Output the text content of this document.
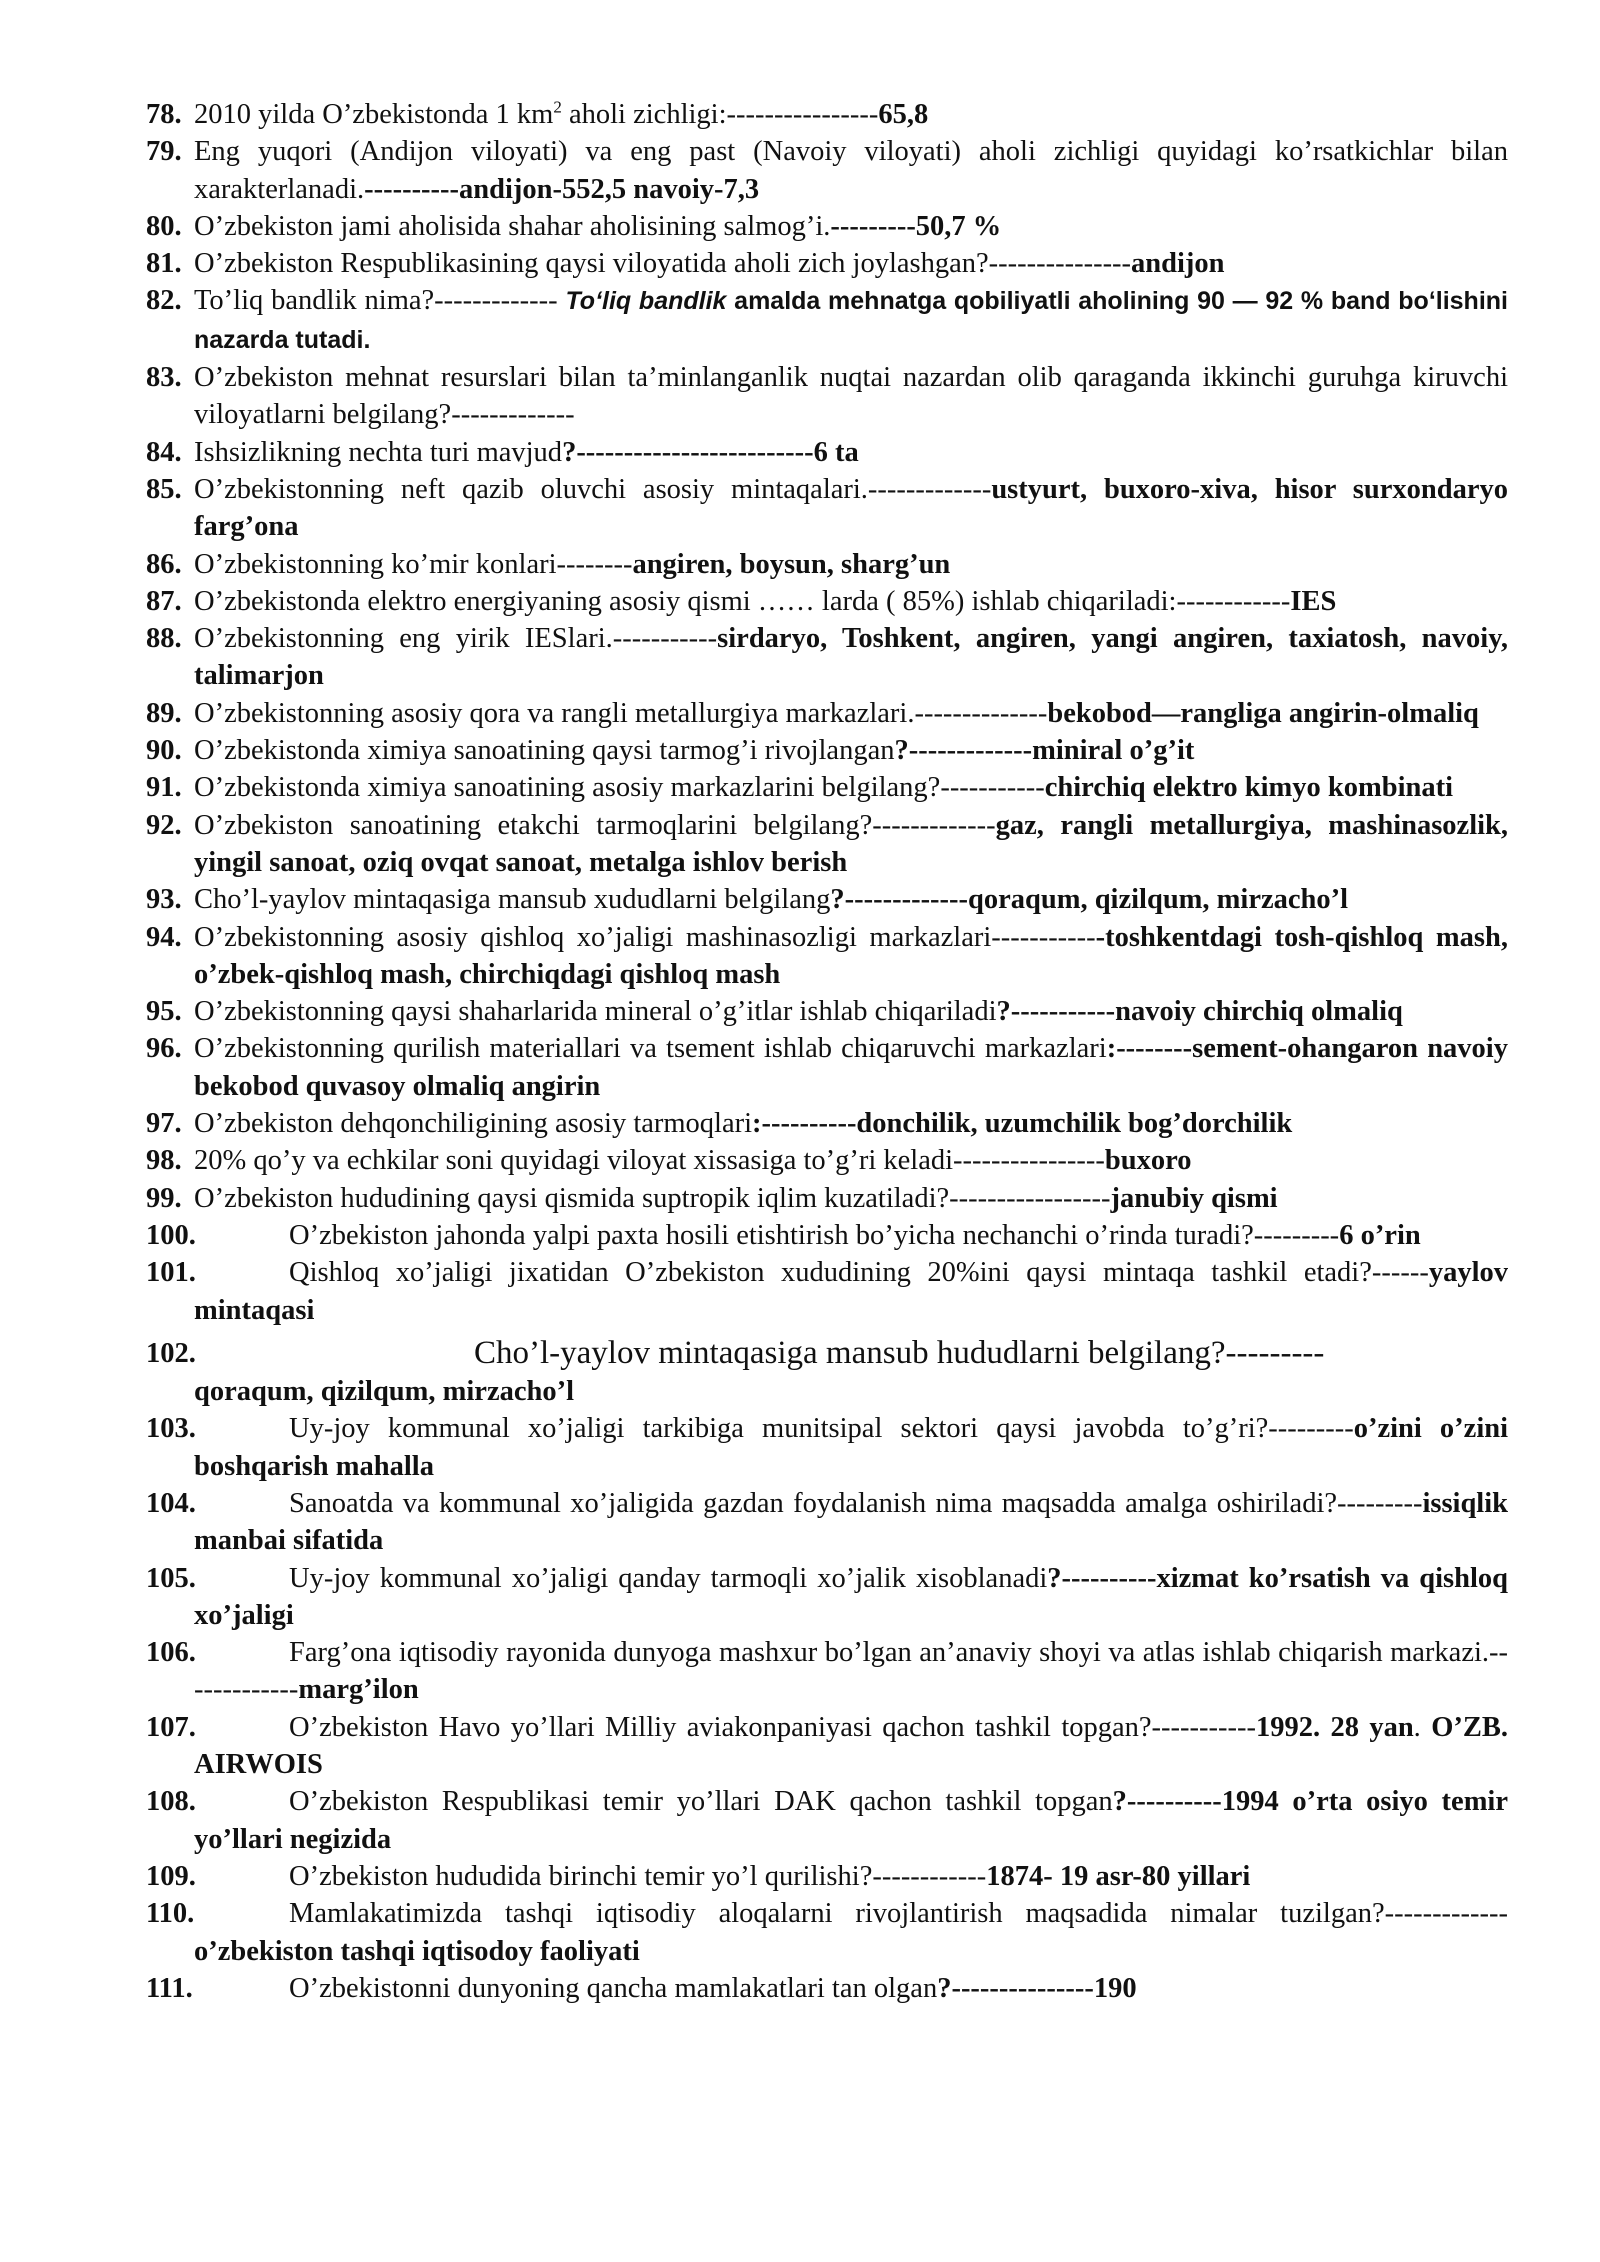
78. 2010 yilda O’zbekistonda 1 $km^2$ aholi zichligi:----------------65,8
79. Eng yuqori (Andijon viloyati) va eng past (Navoiy viloyati) aholi zichligi quyidagi ko’rsatkichlar bilan xarakterlanadi.----------andijon-552,5 navoiy-7,3
80. O’zbekiston jami aholisida shahar aholisining salmog’i.---------50,7 %
81. O’zbekiston Respublikasining qaysi viloyatida aholi zich joylashgan?---------------andijon
82. To’liq bandlik nima?------------- To‘liq bandlik amalda mehnatga qobiliyatli aholining 90 — 92 % band bo‘lishini nazarda tutadi.
83. O’zbekiston mehnat resurslari bilan ta’minlanganlik nuqtai nazardan olib qaraganda ikkinchi guruhga kiruvchi viloyatlarni belgilang?-------------
84. Ishsizlikning nechta turi mavjud?-------------------------6 ta
85. O’zbekistonning neft qazib oluvchi asosiy mintaqalari.-------------ustyurt, buxoro-xiva, hisor surxondaryo farg’ona
86. O’zbekistonning ko’mir konlari--------angiren, boysun, sharg’un
87. O’zbekistonda elektro energiyaning asosiy qismi …… larda ( 85%) ishlab chiqariladi:------------IES
88. O’zbekistonning eng yirik IESlari.-----------sirdaryo, Toshkent, angiren, yangi angiren, taxiatosh, navoiy, talimarjon
89. O’zbekistonning asosiy qora va rangli metallurgiya markazlari.--------------bekobod—rangliga angirin-olmaliq
90. O’zbekistonda ximiya sanoatining qaysi tarmog’i rivojlangan?-------------miniral o’g’it
91. O’zbekistonda ximiya sanoatining asosiy markazlarini belgilang?-----------chirchiq elektro kimyo kombinati
92. O’zbekiston sanoatining etakchi tarmoqlarini belgilang?-------------gaz, rangli metallurgiya, mashinasozlik, yingil sanoat, oziq ovqat sanoat, metalga ishlov berish
93. Cho’l-yaylov mintaqasiga mansub xududlarni belgilang?-------------qoraqum, qizilqum, mirzacho’l
94. O’zbekistonning asosiy qishloq xo’jaligi mashinasozligi markazlari------------toshkentdagi tosh-qishloq mash, o’zbek-qishloq mash, chirchiqdagi qishloq mash
95. O’zbekistonning qaysi shaharlarida mineral o’g’itlar ishlab chiqariladi?-----------navoiy chirchiq olmaliq
96. O’zbekistonning qurilish materiallari va tsement ishlab chiqaruvchi markazlari:--------sement-ohangaron navoiy bekobod quvasoy olmaliq angirin
97. O’zbekiston dehqonchiligining asosiy tarmoqlari:----------donchilik, uzumchilik bog’dorchilik
98. 20% qo’y va echkilar soni quyidagi viloyat xissasiga to’g’ri keladi----------------buxoro
99. O’zbekiston hududining qaysi qismida suptropik iqlim kuzatiladi?-----------------janubiy qismi
100.	O’zbekiston jahonda yalpi paxta hosili etishtirish bo’yicha nechanchi o’rinda turadi?---------6 o’rin
101.	Qishloq xo’jaligi jixatidan O’zbekiston xududining 20%ini qaysi mintaqa tashkil etadi?------yaylov mintaqasi
102.	Cho’l-yaylov mintaqasiga mansub hududlarni belgilang?---------
qoraqum, qizilqum, mirzacho’l
103.	Uy-joy kommunal xo’jaligi tarkibiga munitsipal sektori qaysi javobda to’g’ri?---------o’zini o’zini boshqarish mahalla
104.	Sanoatda va kommunal xo’jaligida gazdan foydalanish nima maqsadda amalga oshiriladi?---------issiqlik manbai sifatida
105.	Uy-joy kommunal xo’jaligi qanday tarmoqli xo’jalik xisoblanadi?----------xizmat ko’rsatish va qishloq xo’jaligi
106.	Farg’ona iqtisodiy rayonida dunyoga mashxur bo’lgan an’anaviy shoyi va atlas ishlab chiqarish markazi.-------------marg’ilon
107.	O’zbekiston Havo yo’llari Milliy aviakonpaniyasi qachon tashkil topgan?-----------1992. 28 yan. O’ZB. AIRWOIS
108.	O’zbekiston Respublikasi temir yo’llari DAK qachon tashkil topgan?----------1994 o’rta osiyo temir yo’llari negizida
109.	O’zbekiston hududida birinchi temir yo’l qurilishi?------------1874- 19 asr-80 yillari
110.	Mamlakatimizda tashqi iqtisodiy aloqalarni rivojlantirish maqsadida nimalar tuzilgan?-------------o’zbekiston tashqi iqtisodoy faoliyati
111.	O’zbekistonni dunyoning qancha mamlakatlari tan olgan?---------------190
